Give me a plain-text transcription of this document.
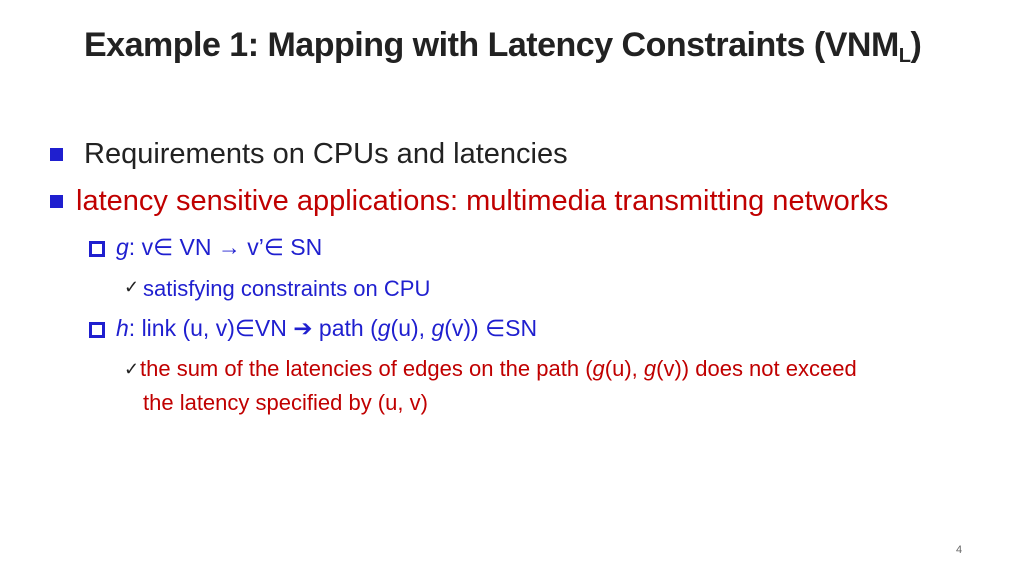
Example 1: Mapping with Latency Constraints $(VNM_L)$
Requirements on CPUs and latencies
latency sensitive applications: multimedia transmitting networks
g: v∈ VN → v’∈ SN
✓ satisfying constraints on CPU
h: link (u, v)∈VN ➔ path (g(u), g(v)) ∈SN
✓ the sum of the latencies of edges on the path (g(u), g(v)) does not exceed
the latency specified by (u, v)
4
